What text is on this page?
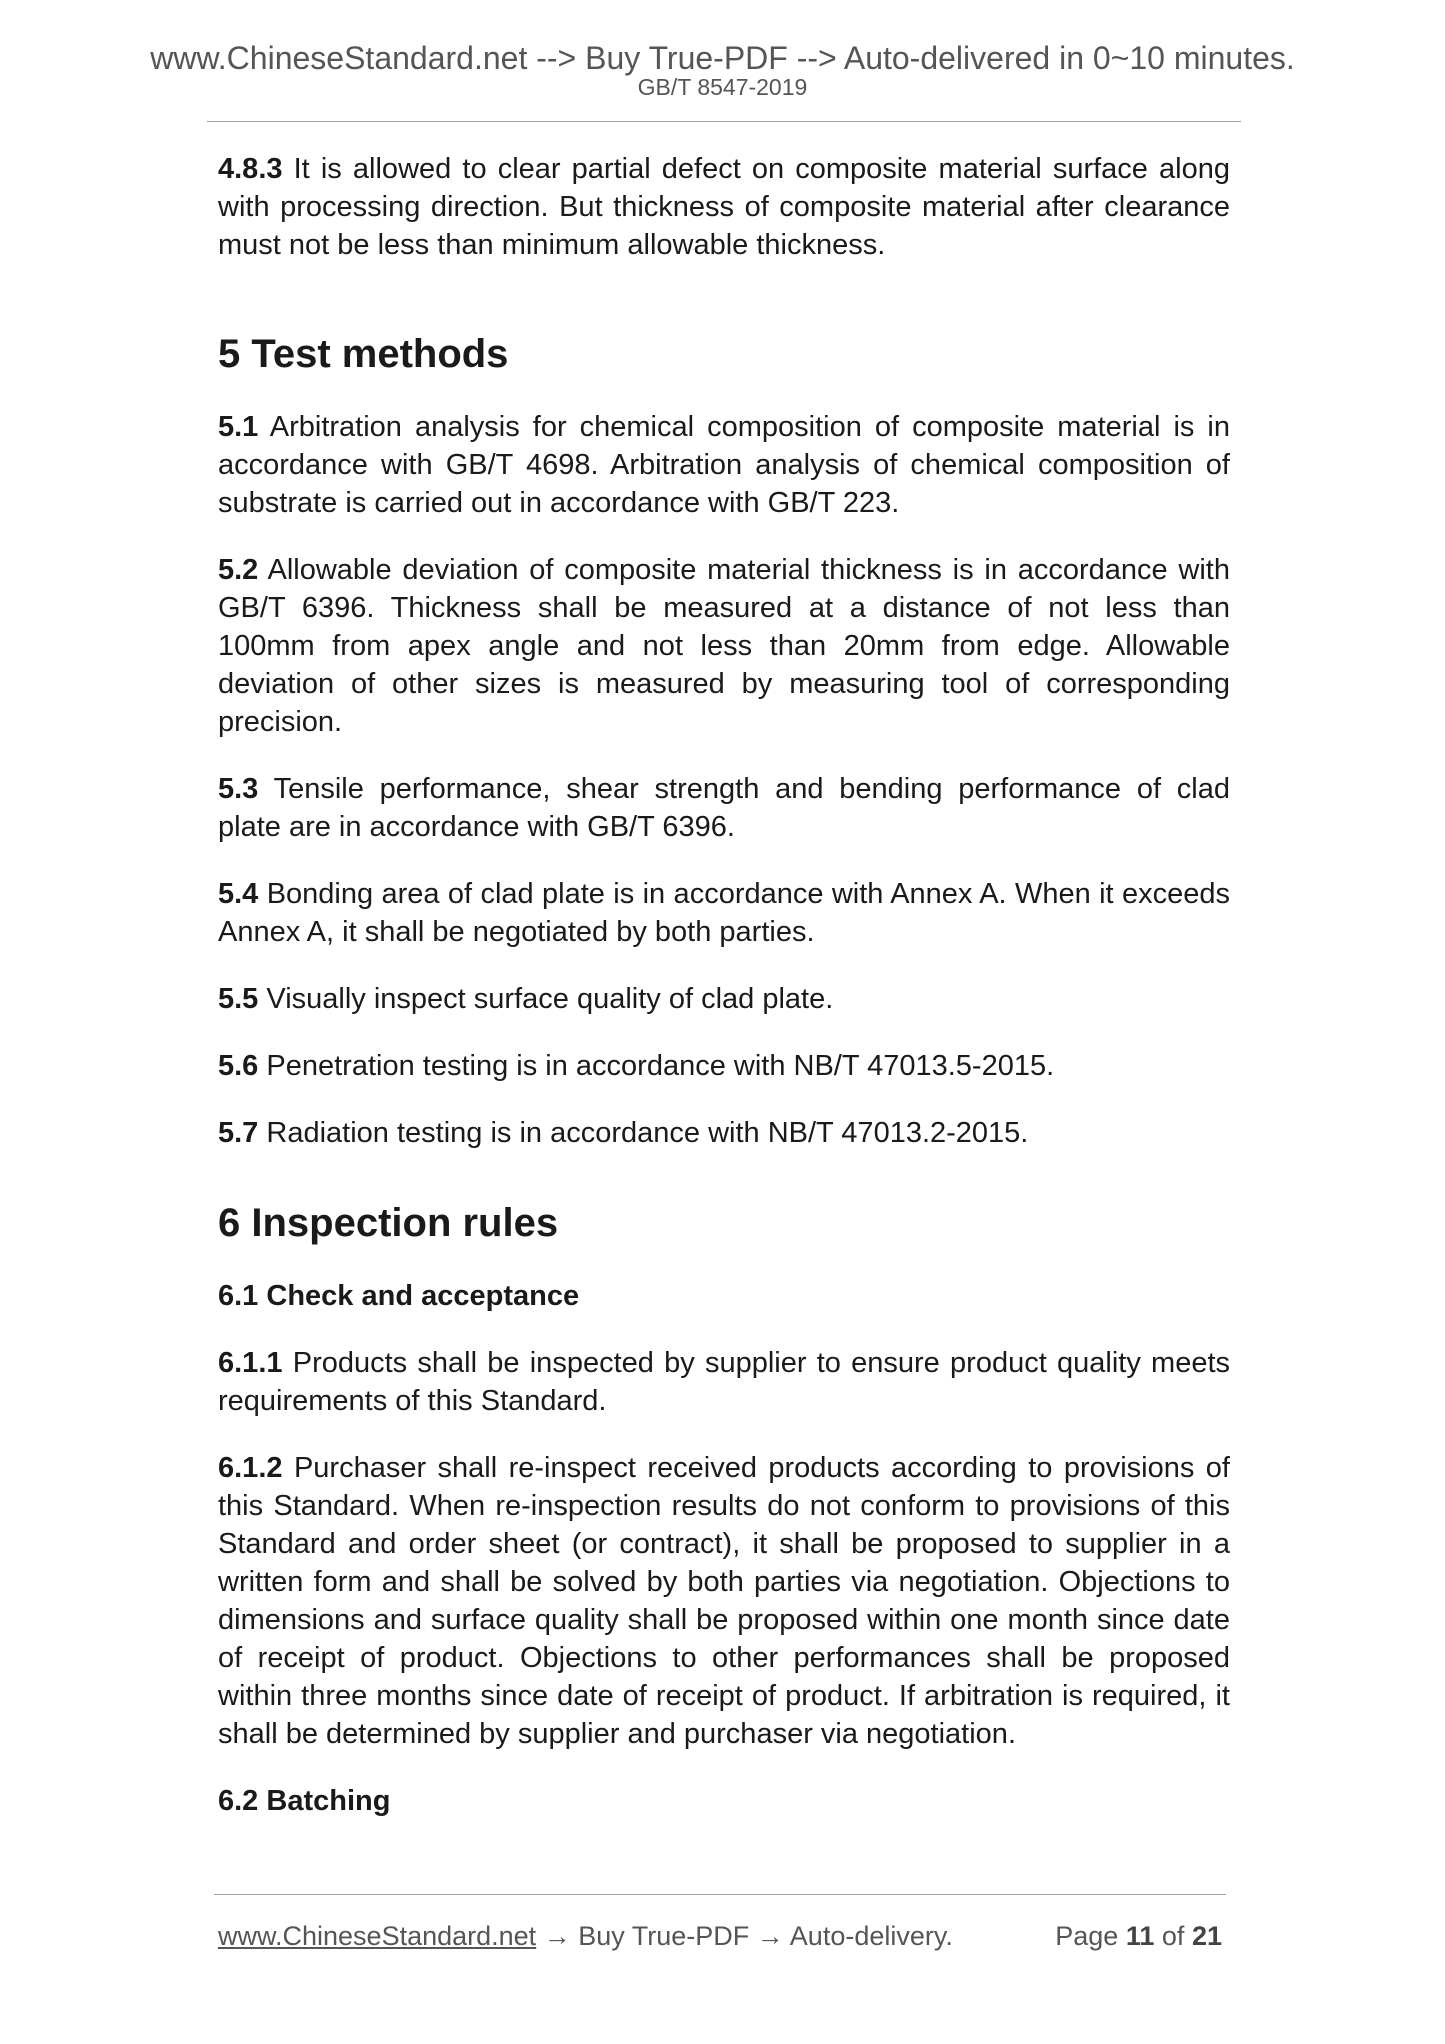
www.ChineseStandard.net --> Buy True-PDF --> Auto-delivered in 0~10 minutes.
GB/T 8547-2019

4.8.3 It is allowed to clear partial defect on composite material surface along with processing direction. But thickness of composite material after clearance must not be less than minimum allowable thickness.

5 Test methods

5.1 Arbitration analysis for chemical composition of composite material is in accordance with GB/T 4698. Arbitration analysis of chemical composition of substrate is carried out in accordance with GB/T 223.

5.2 Allowable deviation of composite material thickness is in accordance with GB/T 6396. Thickness shall be measured at a distance of not less than 100mm from apex angle and not less than 20mm from edge. Allowable deviation of other sizes is measured by measuring tool of corresponding precision.

5.3 Tensile performance, shear strength and bending performance of clad plate are in accordance with GB/T 6396.

5.4 Bonding area of clad plate is in accordance with Annex A. When it exceeds Annex A, it shall be negotiated by both parties.

5.5 Visually inspect surface quality of clad plate.

5.6 Penetration testing is in accordance with NB/T 47013.5-2015.

5.7 Radiation testing is in accordance with NB/T 47013.2-2015.

6 Inspection rules
6.1 Check and acceptance

6.1.1 Products shall be inspected by supplier to ensure product quality meets requirements of this Standard.

6.1.2 Purchaser shall re-inspect received products according to provisions of this Standard. When re-inspection results do not conform to provisions of this Standard and order sheet (or contract), it shall be proposed to supplier in a written form and shall be solved by both parties via negotiation. Objections to dimensions and surface quality shall be proposed within one month since date of receipt of product. Objections to other performances shall be proposed within three months since date of receipt of product. If arbitration is required, it shall be determined by supplier and purchaser via negotiation.

6.2 Batching
www.ChineseStandard.net → Buy True-PDF → Auto-delivery.	Page 11 of 21
